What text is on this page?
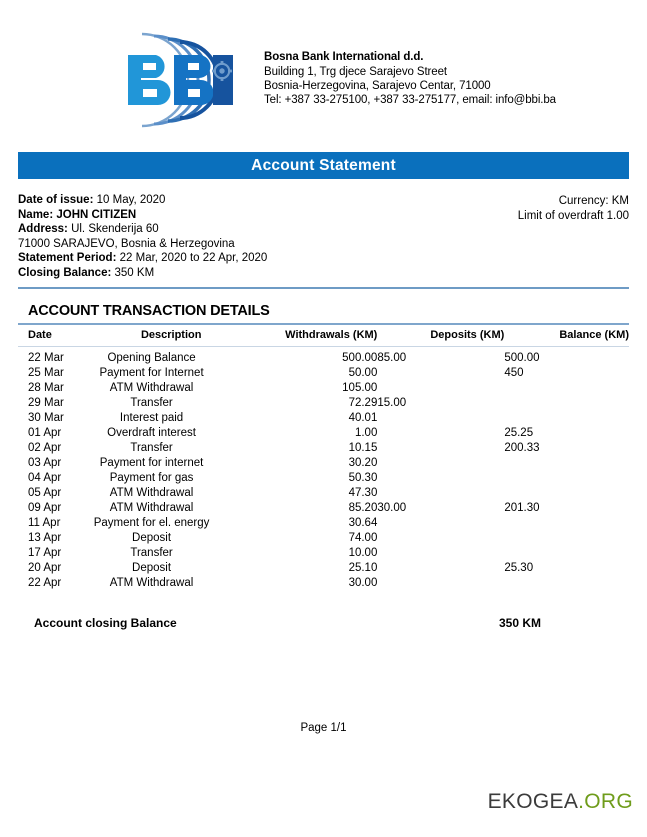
Bosna Bank International d.d.
Building 1, Trg djece Sarajevo Street
Bosnia-Herzegovina, Sarajevo Centar, 71000
Tel: +387 33-275100, +387 33-275177, email: info@bbi.ba
Account Statement
Date of issue: 10 May, 2020
Name: JOHN CITIZEN
Address: Ul. Skenderija 60
71000 SARAJEVO, Bosnia & Herzegovina
Statement Period: 22 Mar, 2020 to 22 Apr, 2020
Closing Balance: 350 KM
Currency: KM
Limit of overdraft 1.00
ACCOUNT TRANSACTION DETAILS
Date	Description	Withdrawals (KM)	Deposits (KM)	Balance (KM)
22 Mar	Opening Balance	500.00	85.00	500.00
25 Mar	Payment for Internet	50.00		450
28 Mar	ATM Withdrawal	105.00		
29 Mar	Transfer	72.29	15.00	
30 Mar	Interest paid	40.01		
01 Apr	Overdraft interest	1.00		25.25
02 Apr	Transfer	10.15		200.33
03 Apr	Payment for internet	30.20		
04 Apr	Payment for gas	50.30		
05 Apr	ATM Withdrawal	47.30		
09 Apr	ATM Withdrawal	85.20	30.00	201.30
11 Apr	Payment for el. energy	30.64		
13 Apr	Deposit	74.00		
17 Apr	Transfer	10.00		
20 Apr	Deposit	25.10		25.30
22 Apr	ATM Withdrawal	30.00		
Account closing Balance	350 KM
Page 1/1
EKOGEA.ORG
